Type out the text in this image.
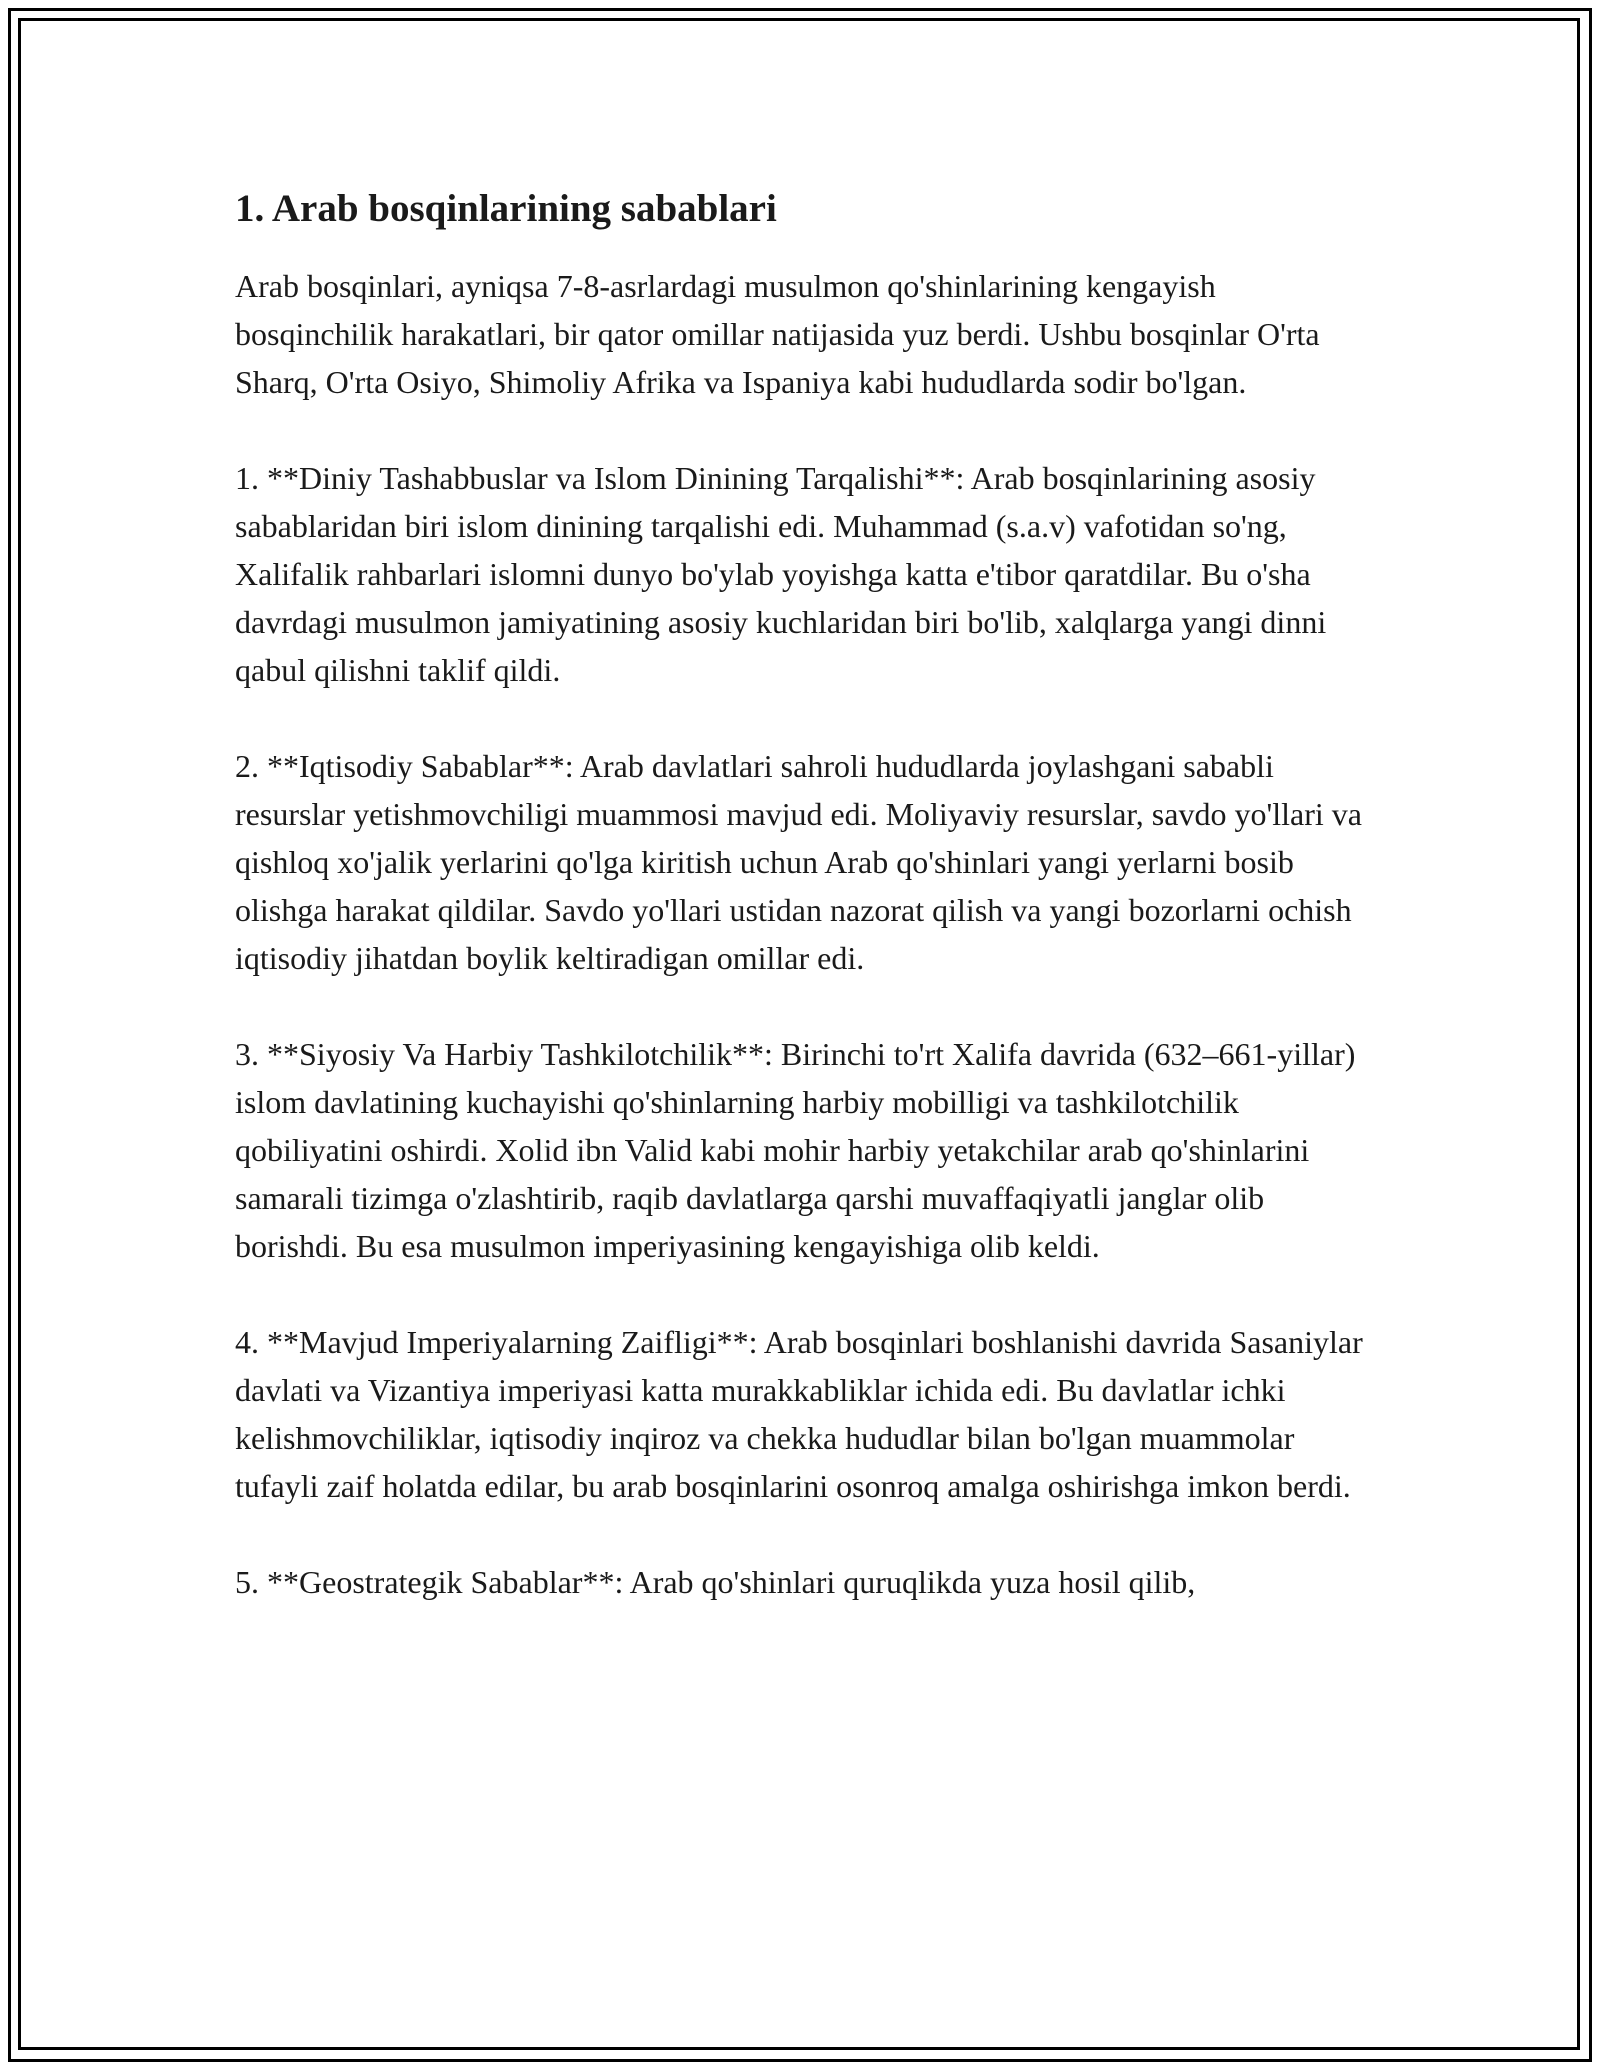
1. Arab bosqinlarining sabablari

Arab bosqinlari, ayniqsa 7-8-asrlardagi musulmon qo'shinlarining kengayish bosqinchilik harakatlari, bir qator omillar natijasida yuz berdi. Ushbu bosqinlar O'rta Sharq, O'rta Osiyo, Shimoliy Afrika va Ispaniya kabi hududlarda sodir bo'lgan.

1. **Diniy Tashabbuslar va Islom Dinining Tarqalishi**: Arab bosqinlarining asosiy sabablaridan biri islom dinining tarqalishi edi. Muhammad (s.a.v) vafotidan so'ng, Xalifalik rahbarlari islomni dunyo bo'ylab yoyishga katta e'tibor qaratdilar. Bu o'sha davrdagi musulmon jamiyatining asosiy kuchlaridan biri bo'lib, xalqlarga yangi dinni qabul qilishni taklif qildi.

2. **Iqtisodiy Sabablar**: Arab davlatlari sahroli hududlarda joylashgani sababli resurslar yetishmovchiligi muammosi mavjud edi. Moliyaviy resurslar, savdo yo'llari va qishloq xo'jalik yerlarini qo'lga kiritish uchun Arab qo'shinlari yangi yerlarni bosib olishga harakat qildilar. Savdo yo'llari ustidan nazorat qilish va yangi bozorlarni ochish iqtisodiy jihatdan boylik keltiradigan omillar edi.

3. **Siyosiy Va Harbiy Tashkilotchilik**: Birinchi to'rt Xalifa davrida (632–661-yillar) islom davlatining kuchayishi qo'shinlarning harbiy mobilligi va tashkilotchilik qobiliyatini oshirdi. Xolid ibn Valid kabi mohir harbiy yetakchilar arab qo'shinlarini samarali tizimga o'zlashtirib, raqib davlatlarga qarshi muvaffaqiyatli janglar olib borishdi. Bu esa musulmon imperiyasining kengayishiga olib keldi.

4. **Mavjud Imperiyalarning Zaifligi**: Arab bosqinlari boshlanishi davrida Sasaniylar davlati va Vizantiya imperiyasi katta murakkabliklar ichida edi. Bu davlatlar ichki kelishmovchiliklar, iqtisodiy inqiroz va chekka hududlar bilan bo'lgan muammolar tufayli zaif holatda edilar, bu arab bosqinlarini osonroq amalga oshirishga imkon berdi.

5. **Geostrategik Sabablar**: Arab qo'shinlari quruqlikda yuza hosil qilib,
